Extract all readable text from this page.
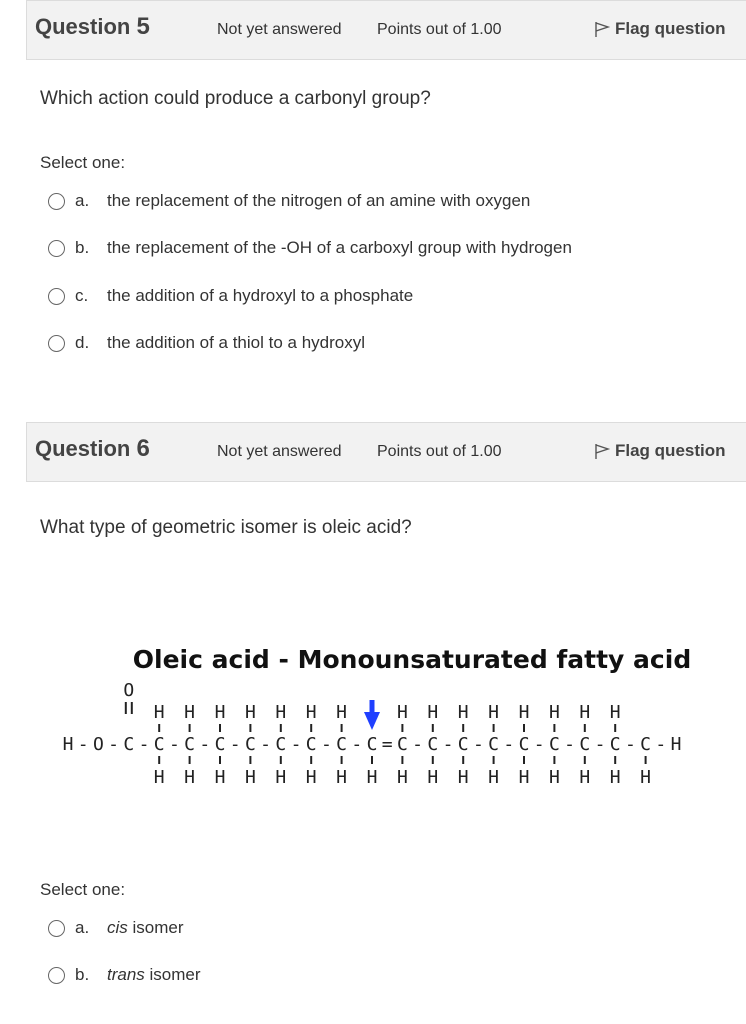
Question 5	Not yet answered Points out of 1.00	Flag question
Which action could produce a carbonyl group?
Select one:
a.	the replacement of the nitrogen of an amine with oxygen
b.	the replacement of the -OH of a carboxyl group with hydrogen
c.	the addition of a hydroxyl to a phosphate
d.	the addition of a thiol to a hydroxyl
Question 6	Not yet answered Points out of 1.00	Flag question
What type of geometric isomer is oleic acid?
Oleic acid - Monounsaturated fatty acid
H - O - C - C - C - C - C - C - C - C - C = C - C - C - C - C - C - C - C - C - H
O
H H H H H H H	H H H H H H H H
H H H H H H H H H H H H H H H H H
Select one:
a.	cis isomer
b.	trans isomer
